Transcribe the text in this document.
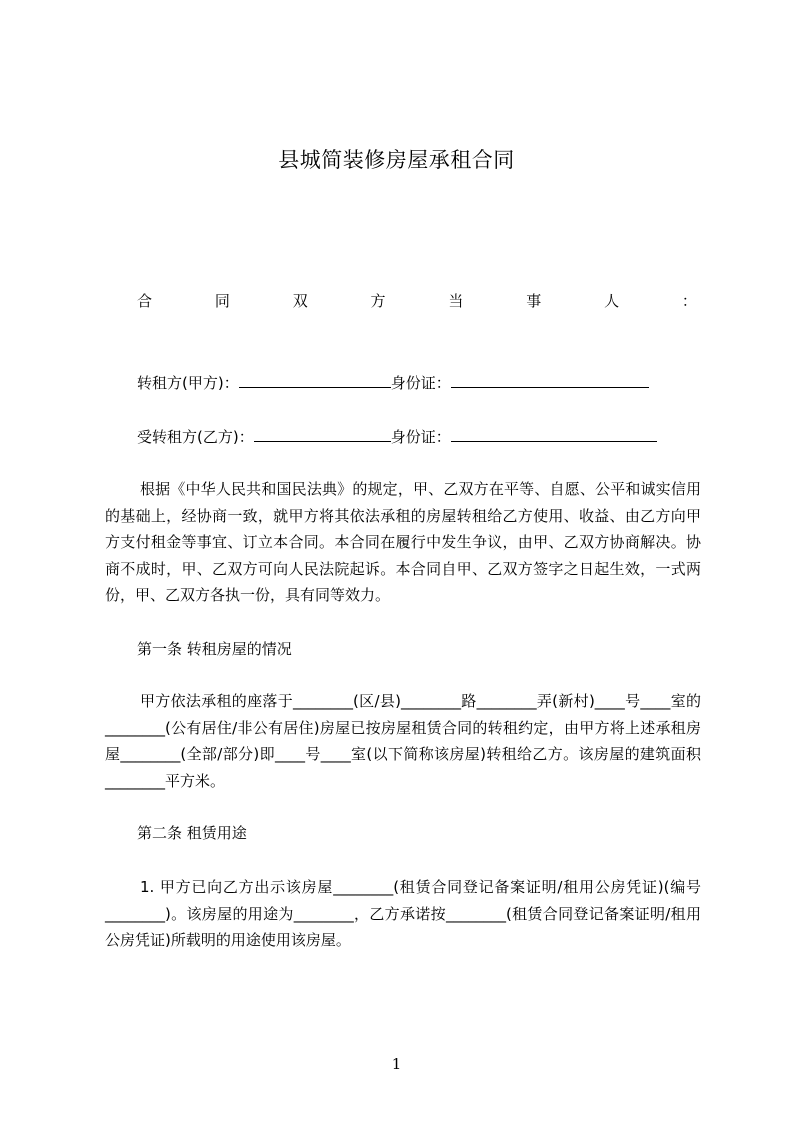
县城简装修房屋承租合同
合	同	双	方	当	事	人	：
转租方(甲方)：	身份证：
受转租方(乙方)：	身份证：
根据《中华人民共和国民法典》的规定，甲、乙双方在平等、自愿、公平和诚实信用的基础上，经协商一致，就甲方将其依法承租的房屋转租给乙方使用、收益、由乙方向甲方支付租金等事宜、订立本合同。本合同在履行中发生争议，由甲、乙双方协商解决。协商不成时，甲、乙双方可向人民法院起诉。本合同自甲、乙双方签字之日起生效，一式两份，甲、乙双方各执一份，具有同等效力。
第一条 转租房屋的情况
甲方依法承租的座落于________(区/县)________路________弄(新村)____号____室的________(公有居住/非公有居住)房屋已按房屋租赁合同的转租约定，由甲方将上述承租房屋________(全部/部分)即____号____室(以下简称该房屋)转租给乙方。该房屋的建筑面积________平方米。
第二条 租赁用途
1. 甲方已向乙方出示该房屋________(租赁合同登记备案证明/租用公房凭证)(编号________)。该房屋的用途为________，乙方承诺按________(租赁合同登记备案证明/租用公房凭证)所载明的用途使用该房屋。
1
